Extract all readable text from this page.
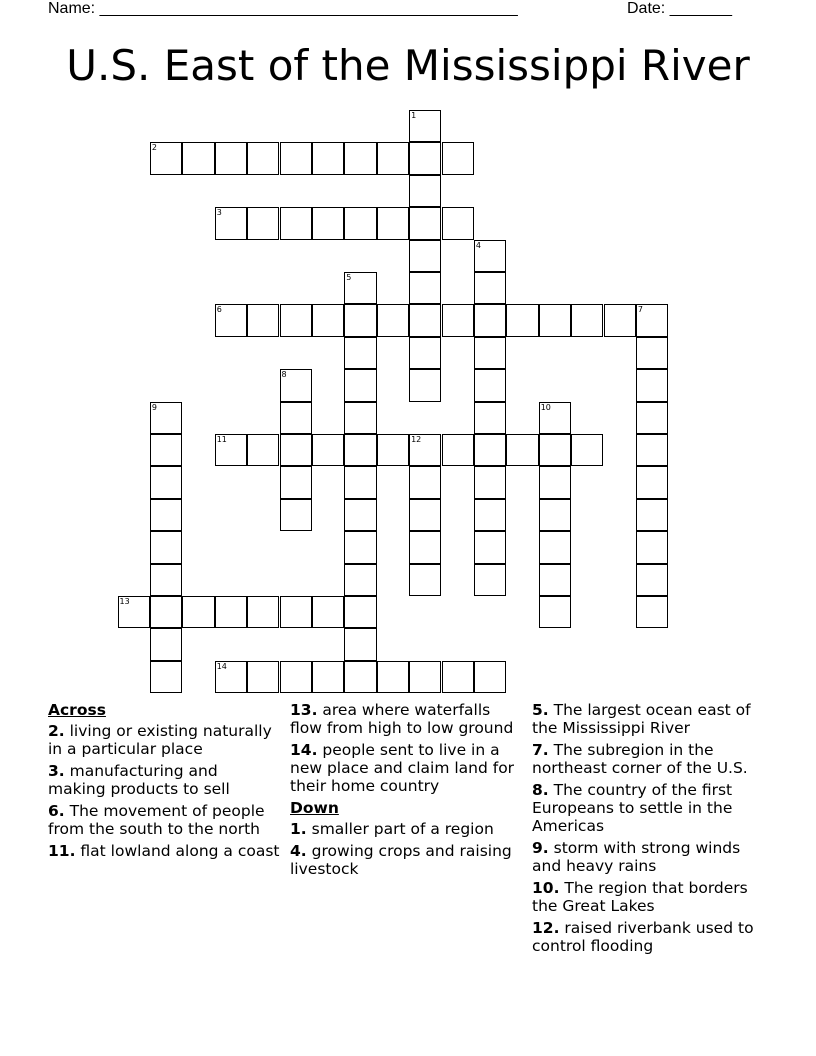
Name: _______________________________________________	Date: _______
U.S. East of the Mississippi River
1
2
3
4
5
6	7
8
9	10
11	12
13
14
Across
2. living or existing naturally in a particular place
3. manufacturing and making products to sell
6. The movement of people from the south to the north
11. flat lowland along a coast
13. area where waterfalls flow from high to low ground
14. people sent to live in a new place and claim land for their home country
Down
1. smaller part of a region
4. growing crops and raising livestock
5. The largest ocean east of the Mississippi River
7. The subregion in the northeast corner of the U.S.
8. The country of the first Europeans to settle in the Americas
9. storm with strong winds and heavy rains
10. The region that borders the Great Lakes
12. raised riverbank used to control flooding
